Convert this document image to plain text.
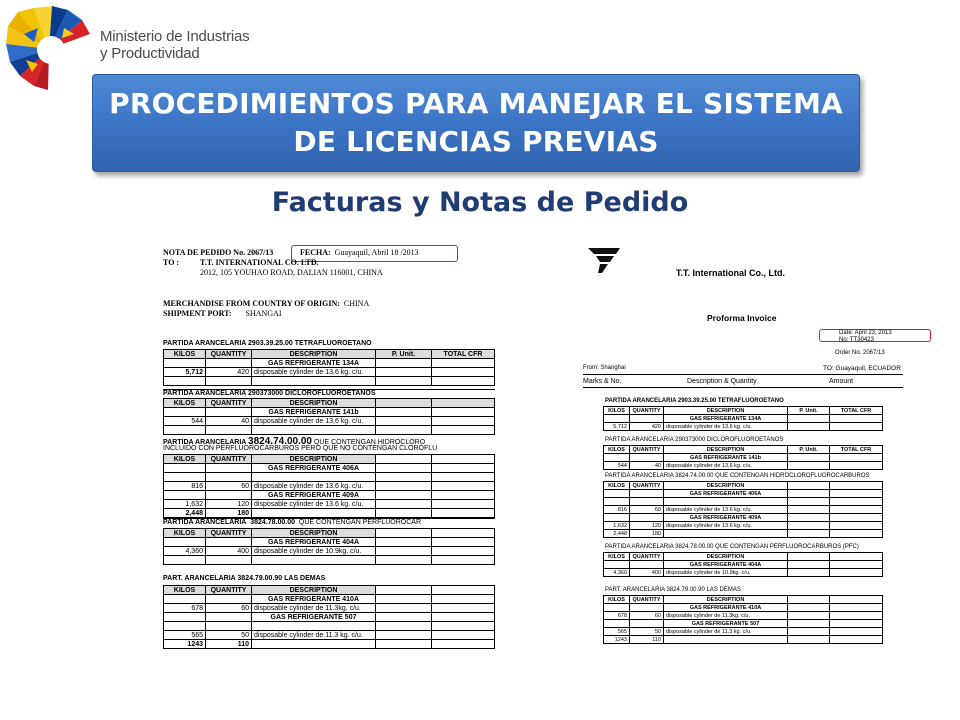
Ministerio de Industrias
y Productividad
PROCEDIMIENTOS PARA MANEJAR EL SISTEMA DE LICENCIAS PREVIAS
Facturas y Notas de Pedido
NOTA DE PEDIDO No. 2067/13	FECHA: Guayaquil, Abril 18 /2013
TO :	T.T. INTERNATIONAL CO. LTD.
2012, 105 YOUHAO ROAD, DALIAN 116001, CHINA
MERCHANDISE FROM COUNTRY OF ORIGIN: CHINA
SHIPMENT PORT: SHANGAI
PARTIDA ARANCELARIA 2903.39.25.00 TETRAFLUOROETANO
KILOS	QUANTITY	DESCRIPTION	P. Unit.	TOTAL CFR
		GAS REFRIGERANTE 134A		
5,712	420	disposable cylinder de 13,6 kg. c/u.		

PARTIDA ARANCELARIA 290373000 DICLOROFLUOROETANOS
KILOS	QUANTITY	DESCRIPTION		
		GAS REFRIGERANTE 141b		
544	40	disposable cylinder de 13,6 kg. c/u.		

PARTIDA ARANCELARIA 3824.74.00.00 QUE CONTENGAN HIDROCLORO
INCLUIDO CON PERFLUOROCARBUROS PERO QUE NO CONTENGAN CLOROFLU
KILOS	QUANTITY	DESCRIPTION		
		GAS REFRIGERANTE 406A		

816	60	disposable cylinder de 13.6 kg. c/u.		
		GAS REFRIGERANTE 409A		
1,632	120	disposable cylinder de 13.6 kg. c/u.		
2,448	180			
PARTIDA ARANCELARIA 3824.78.00.00 QUE CONTENGAN PERFLUOROCAR
KILOS	QUANTITY	DESCRIPTION		
		GAS REFRIGERANTE 404A		
4,360	400	disposable cylinder de 10.9kg. c/u.		

PART. ARANCELARIA 3824.79.00.90 LAS DEMAS
KILOS	QUANTITY	DESCRIPTION		
		GAS REFRIGERANTE 410A		
678	60	disposable cylinder de 11.3kg. c/u.		
		GAS REFRIGERANTE 507		

565	50	disposable cylinder de 11.3 kg. c/u.		
1243	110			
T.T. International Co., Ltd.
Proforma Invoice
Date: April 23, 2013
No: TT30423
Order No. 2067/13
From: Shanghai	TO: Guayaquil, ECUADOR
Marks & No.	Description & Quantity	Amount
PARTIDA ARANCELARIA 2903.39.25.00 TETRAFLUOROETANO
KILOS	QUANTITY	DESCRIPTION	P. Unit.	TOTAL CFR
		GAS REFRIGERANTE 134A		
5,712	420	disposable cylinder de 13,6 kg. c/u.		
PARTIDA ARANCELARIA 290373000 DICLOROFLUOROETANOS
KILOS	QUANTITY	DESCRIPTION	P. Unit.	TOTAL CFR
		GAS REFRIGERANTE 141b		
544	40	disposable cylinder de 13,6 kg. c/u.		
PARTIDA ARANCELARIA 3824.74.00.00 QUE CONTENGAN HIDROCLOROFLUOROCARBUROS
KILOS	QUANTITY	DESCRIPTION		
		GAS REFRIGERANTE 406A		

816	60	disposable cylinder de 13.6 kg. c/u.		
		GAS REFRIGERANTE 409A		
1,632	120	disposable cylinder de 13.6 kg. c/u.		
2,448	180			
PARTIDA ARANCELARIA 3824.78.00.00 QUE CONTENGAN PERFLUOROCARBUROS (PFC)
KILOS	QUANTITY	DESCRIPTION		
		GAS REFRIGERANTE 404A		
4,360	400	disposable cylinder de 10.9kg. c/u.		
PART. ARANCELARIA 3824.79.00.90 LAS DEMAS
KILOS	QUANTITY	DESCRIPTION		
		GAS REFRIGERANTE 410A		
678	60	disposable cylinder de 11.3kg. c/u.		
		GAS REFRIGERANTE 507		
565	50	disposable cylinder de 11.3 kg. c/u.		
1243	110			
